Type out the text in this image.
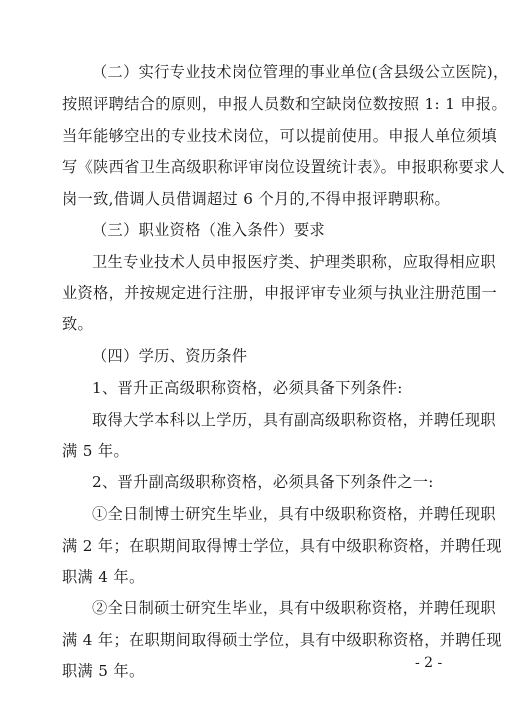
（二）实行专业技术岗位管理的事业单位(含县级公立医院)，
按照评聘结合的原则，申报人员数和空缺岗位数按照 1: 1 申报。
当年能够空出的专业技术岗位，可以提前使用。申报人单位须填
写《陕西省卫生高级职称评审岗位设置统计表》。申报职称要求人
岗一致,借调人员借调超过 6 个月的,不得申报评聘职称。
（三）职业资格（准入条件）要求
卫生专业技术人员申报医疗类、护理类职称，应取得相应职
业资格，并按规定进行注册，申报评审专业须与执业注册范围一
致。
（四）学历、资历条件
1、晋升正高级职称资格，必须具备下列条件:
取得大学本科以上学历，具有副高级职称资格，并聘任现职
满 5 年。
2、晋升副高级职称资格，必须具备下列条件之一:
①全日制博士研究生毕业，具有中级职称资格，并聘任现职
满 2 年；在职期间取得博士学位，具有中级职称资格，并聘任现
职满 4 年。
②全日制硕士研究生毕业，具有中级职称资格，并聘任现职
满 4 年；在职期间取得硕士学位，具有中级职称资格，并聘任现
职满 5 年。	- 2 -
